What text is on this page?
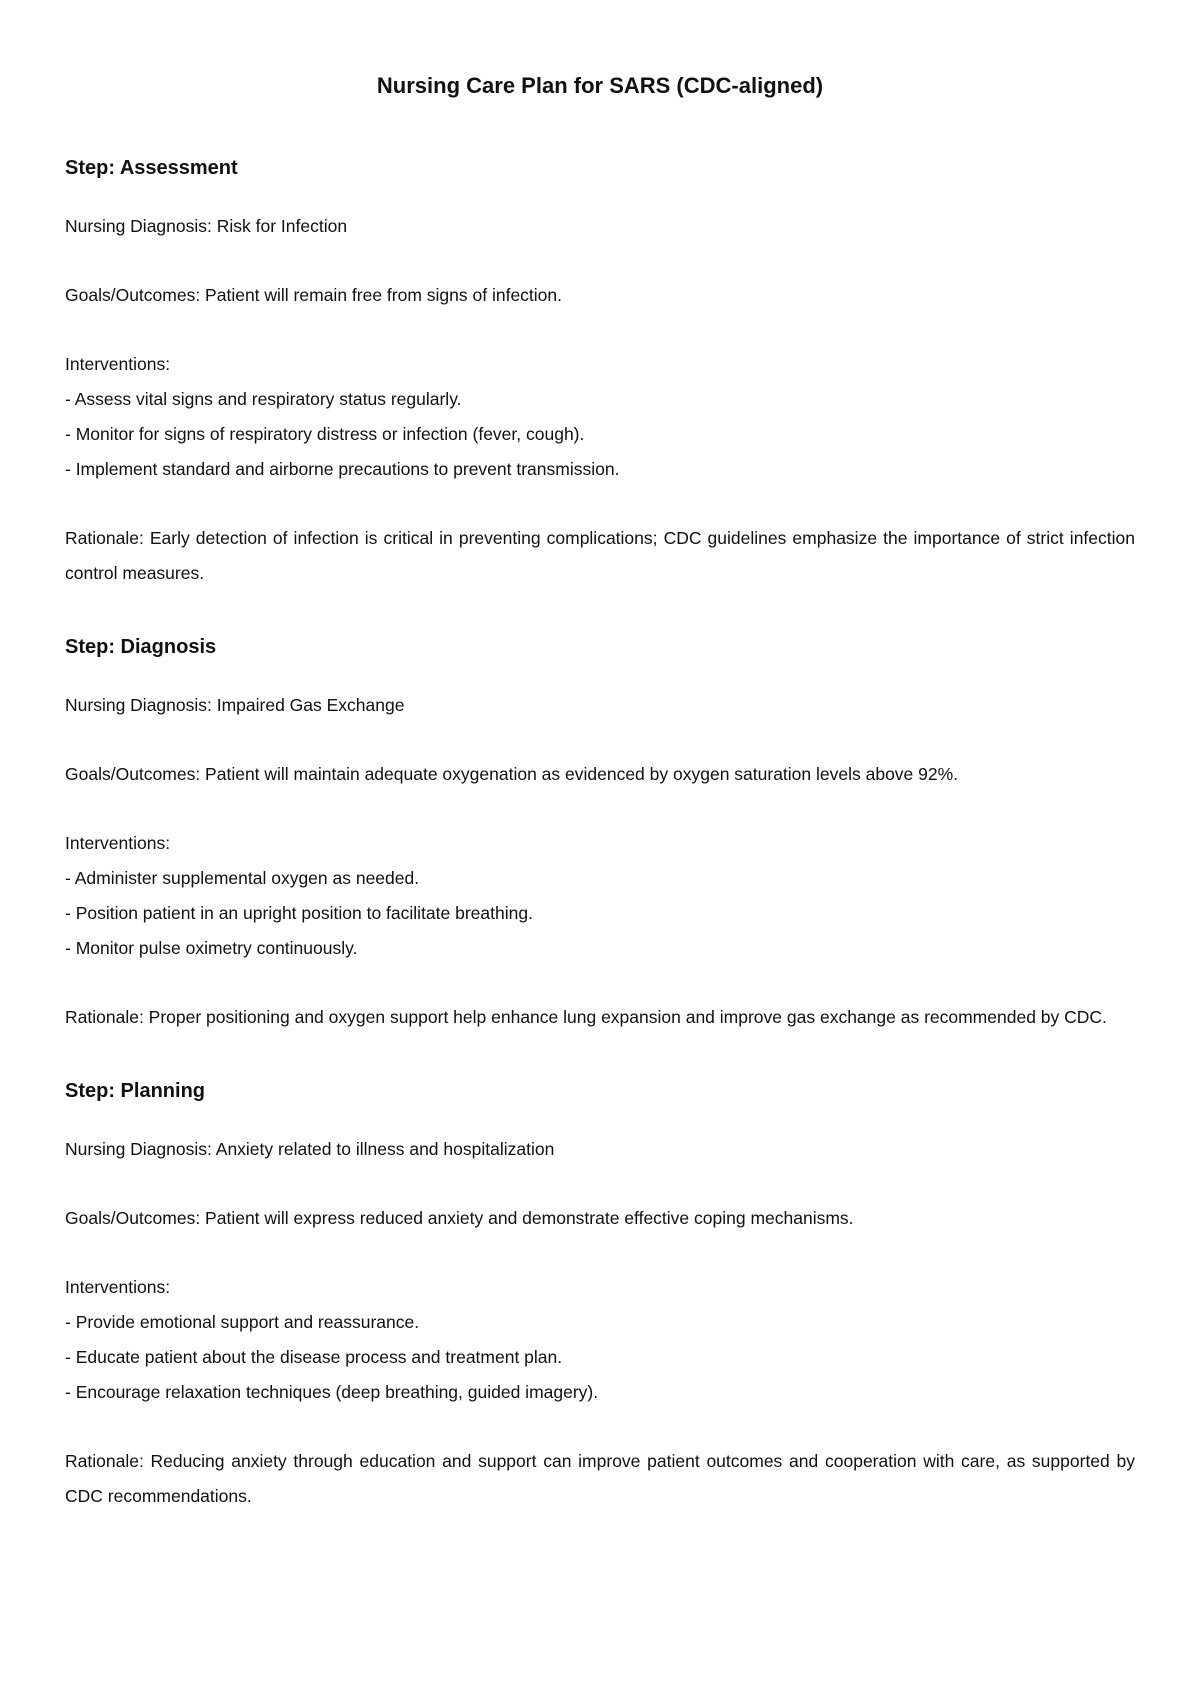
Nursing Care Plan for SARS (CDC-aligned)
Step: Assessment

Nursing Diagnosis: Risk for Infection

Goals/Outcomes: Patient will remain free from signs of infection.

Interventions:

- Assess vital signs and respiratory status regularly.
- Monitor for signs of respiratory distress or infection (fever, cough).
- Implement standard and airborne precautions to prevent transmission.

Rationale: Early detection of infection is critical in preventing complications; CDC guidelines emphasize the importance of strict infection control measures.

Step: Diagnosis

Nursing Diagnosis: Impaired Gas Exchange

Goals/Outcomes: Patient will maintain adequate oxygenation as evidenced by oxygen saturation levels above 92%.

Interventions:

- Administer supplemental oxygen as needed.
- Position patient in an upright position to facilitate breathing.
- Monitor pulse oximetry continuously.

Rationale: Proper positioning and oxygen support help enhance lung expansion and improve gas exchange as recommended by CDC.

Step: Planning

Nursing Diagnosis: Anxiety related to illness and hospitalization

Goals/Outcomes: Patient will express reduced anxiety and demonstrate effective coping mechanisms.

Interventions:

- Provide emotional support and reassurance.
- Educate patient about the disease process and treatment plan.
- Encourage relaxation techniques (deep breathing, guided imagery).

Rationale: Reducing anxiety through education and support can improve patient outcomes and cooperation with care, as supported by CDC recommendations.
